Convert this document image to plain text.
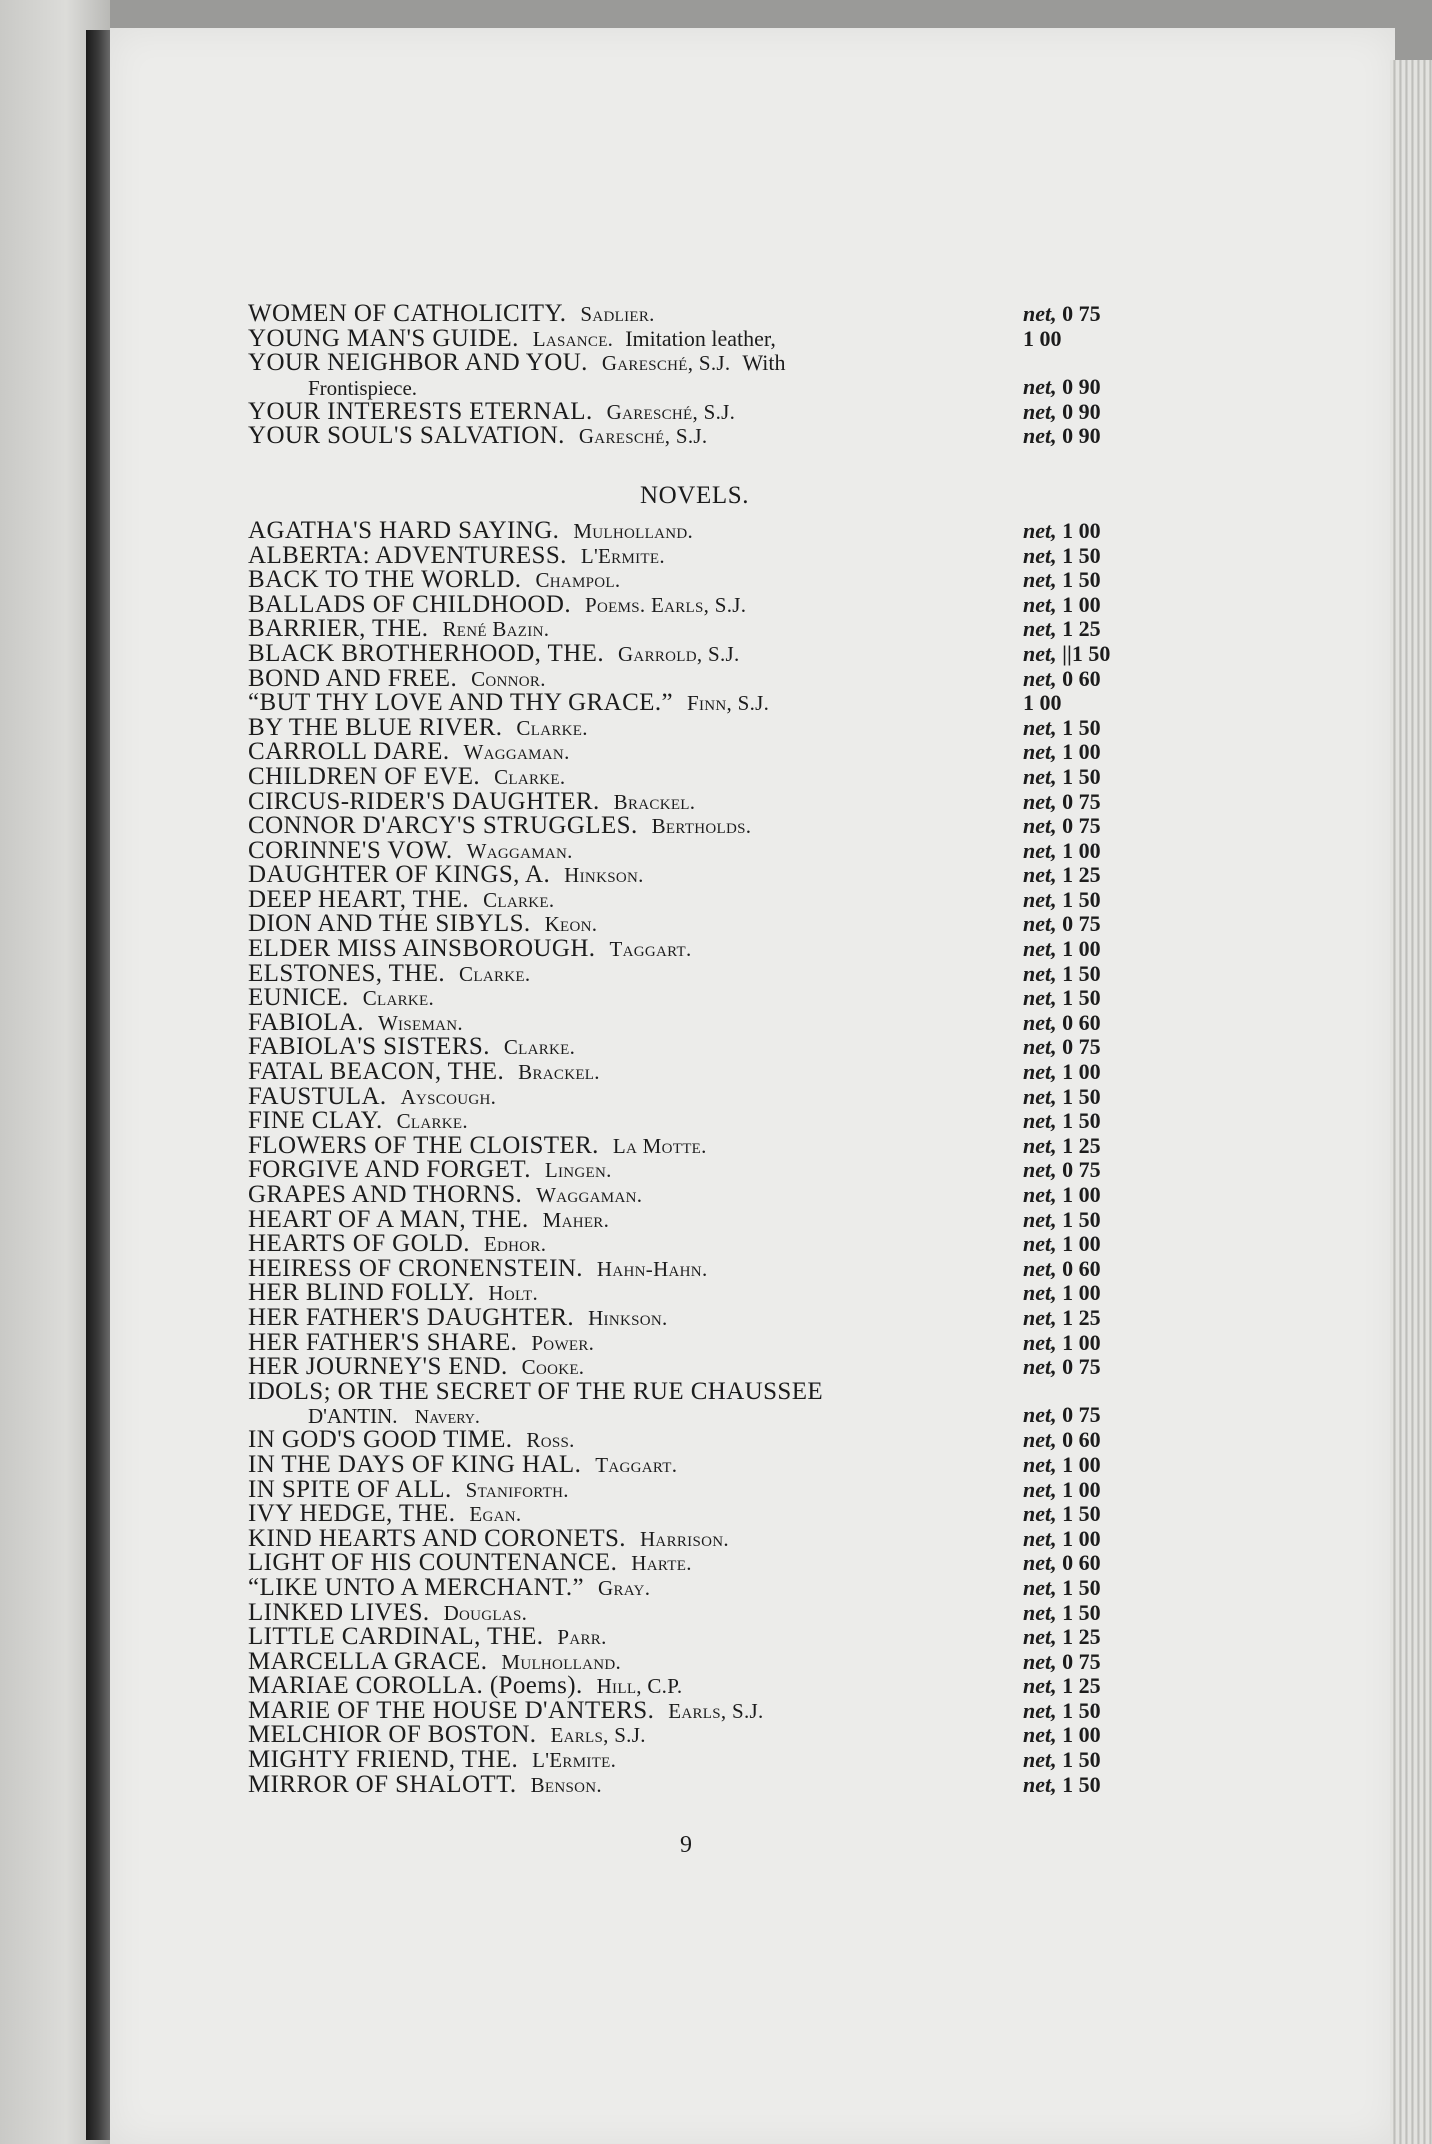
WOMEN OF CATHOLICITY. Sadlier.	net, 0 75
YOUNG MAN'S GUIDE. Lasance. Imitation leather,	1 00
YOUR NEIGHBOR AND YOU. Garesché, S.J. With
Frontispiece.	net, 0 90
YOUR INTERESTS ETERNAL. Garesché, S.J.	net, 0 90
YOUR SOUL'S SALVATION. Garesché, S.J.	net, 0 90
NOVELS.
AGATHA'S HARD SAYING. Mulholland.	net, 1 00
ALBERTA: ADVENTURESS. L'Ermite.	net, 1 50
BACK TO THE WORLD. Champol.	net, 1 50
BALLADS OF CHILDHOOD. Poems. Earls, S.J.	net, 1 00
BARRIER, THE. René Bazin.	net, 1 25
BLACK BROTHERHOOD, THE. Garrold, S.J.	net, ||1 50
BOND AND FREE. Connor.	net, 0 60
“BUT THY LOVE AND THY GRACE.” Finn, S.J.	1 00
BY THE BLUE RIVER. Clarke.	net, 1 50
CARROLL DARE. Waggaman.	net, 1 00
CHILDREN OF EVE. Clarke.	net, 1 50
CIRCUS-RIDER'S DAUGHTER. Brackel.	net, 0 75
CONNOR D'ARCY'S STRUGGLES. Bertholds.	net, 0 75
CORINNE'S VOW. Waggaman.	net, 1 00
DAUGHTER OF KINGS, A. Hinkson.	net, 1 25
DEEP HEART, THE. Clarke.	net, 1 50
DION AND THE SIBYLS. Keon.	net, 0 75
ELDER MISS AINSBOROUGH. Taggart.	net, 1 00
ELSTONES, THE. Clarke.	net, 1 50
EUNICE. Clarke.	net, 1 50
FABIOLA. Wiseman.	net, 0 60
FABIOLA'S SISTERS. Clarke.	net, 0 75
FATAL BEACON, THE. Brackel.	net, 1 00
FAUSTULA. Ayscough.	net, 1 50
FINE CLAY. Clarke.	net, 1 50
FLOWERS OF THE CLOISTER. La Motte.	net, 1 25
FORGIVE AND FORGET. Lingen.	net, 0 75
GRAPES AND THORNS. Waggaman.	net, 1 00
HEART OF A MAN, THE. Maher.	net, 1 50
HEARTS OF GOLD. Edhor.	net, 1 00
HEIRESS OF CRONENSTEIN. Hahn-Hahn.	net, 0 60
HER BLIND FOLLY. Holt.	net, 1 00
HER FATHER'S DAUGHTER. Hinkson.	net, 1 25
HER FATHER'S SHARE. Power.	net, 1 00
HER JOURNEY'S END. Cooke.	net, 0 75
IDOLS; OR THE SECRET OF THE RUE CHAUSSEE
D'ANTIN. Navery.	net, 0 75
IN GOD'S GOOD TIME. Ross.	net, 0 60
IN THE DAYS OF KING HAL. Taggart.	net, 1 00
IN SPITE OF ALL. Staniforth.	net, 1 00
IVY HEDGE, THE. Egan.	net, 1 50
KIND HEARTS AND CORONETS. Harrison.	net, 1 00
LIGHT OF HIS COUNTENANCE. Harte.	net, 0 60
“LIKE UNTO A MERCHANT.” Gray.	net, 1 50
LINKED LIVES. Douglas.	net, 1 50
LITTLE CARDINAL, THE. Parr.	net, 1 25
MARCELLA GRACE. Mulholland.	net, 0 75
MARIAE COROLLA. (Poems). Hill, C.P.	net, 1 25
MARIE OF THE HOUSE D'ANTERS. Earls, S.J.	net, 1 50
MELCHIOR OF BOSTON. Earls, S.J.	net, 1 00
MIGHTY FRIEND, THE. L'Ermite.	net, 1 50
MIRROR OF SHALOTT. Benson.	net, 1 50
9
